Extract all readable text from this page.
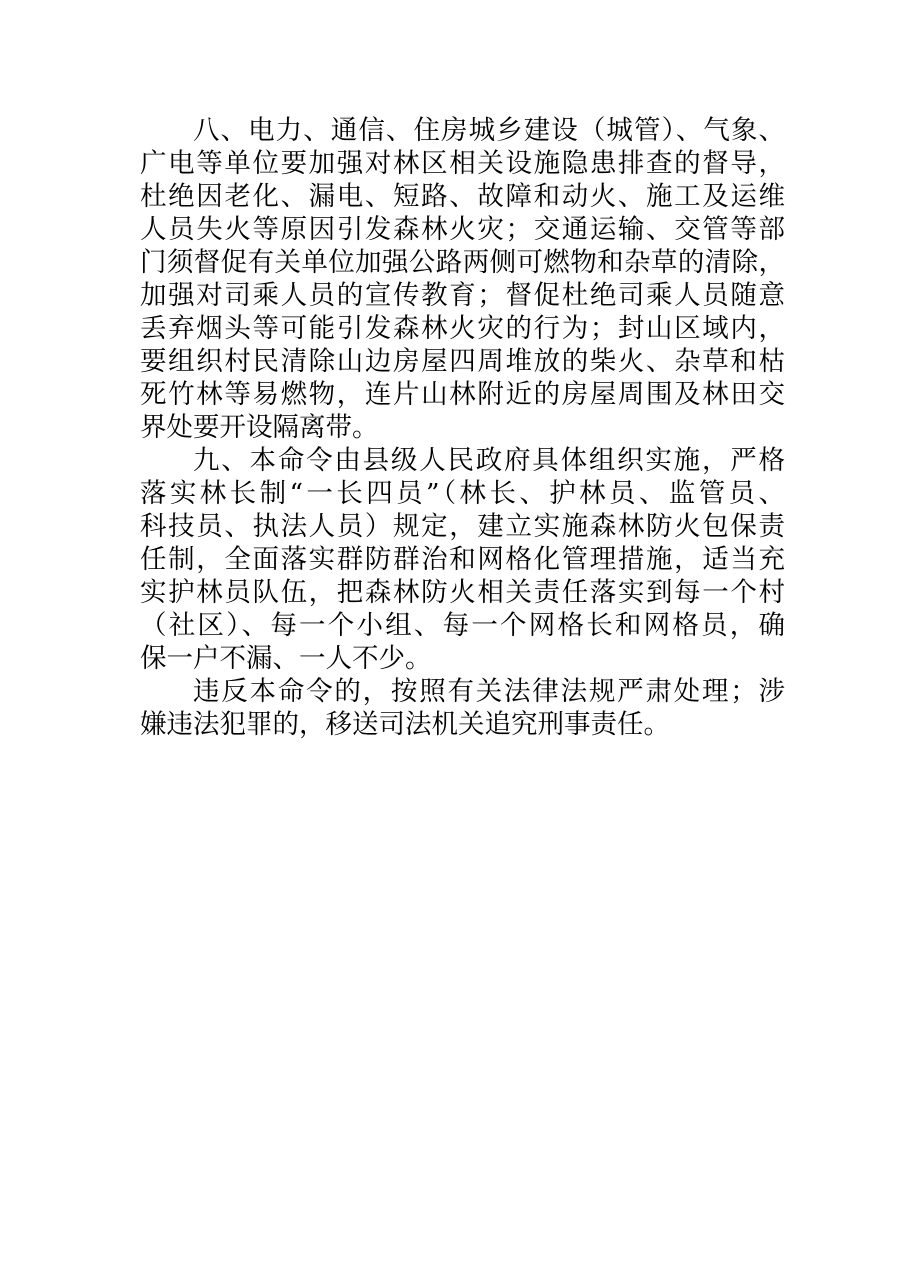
八、电力、通信、住房城乡建设（城管）、气象、
广电等单位要加强对林区相关设施隐患排查的督导，
杜绝因老化、漏电、短路、故障和动火、施工及运维
人员失火等原因引发森林火灾；交通运输、交管等部
门须督促有关单位加强公路两侧可燃物和杂草的清除，
加强对司乘人员的宣传教育；督促杜绝司乘人员随意
丢弃烟头等可能引发森林火灾的行为；封山区域内，
要组织村民清除山边房屋四周堆放的柴火、杂草和枯
死竹林等易燃物，连片山林附近的房屋周围及林田交
界处要开设隔离带。
九、本命令由县级人民政府具体组织实施，严格
落实林长制“一长四员”（林长、护林员、监管员、
科技员、执法人员）规定，建立实施森林防火包保责
任制，全面落实群防群治和网格化管理措施，适当充
实护林员队伍，把森林防火相关责任落实到每一个村
（社区）、每一个小组、每一个网格长和网格员，确
保一户不漏、一人不少。
违反本命令的，按照有关法律法规严肃处理；涉
嫌违法犯罪的，移送司法机关追究刑事责任。
